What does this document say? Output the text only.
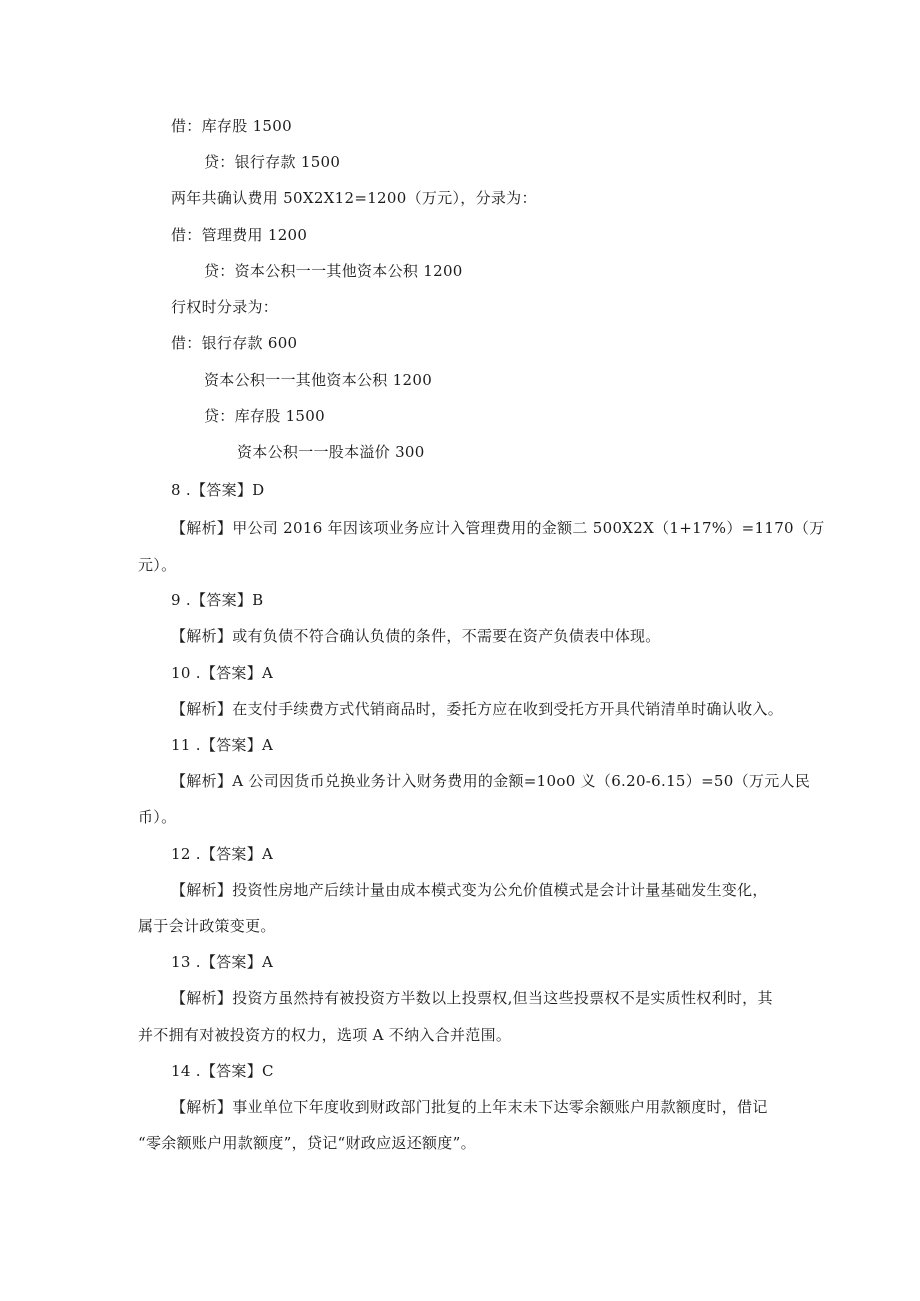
借：库存股 1500
贷：银行存款 1500
两年共确认费用 50X2X12=1200（万元），分录为：
借：管理费用 1200
贷：资本公积一一其他资本公积 1200
行权时分录为：
借：银行存款 600
资本公积一一其他资本公积 1200
贷：库存股 1500
资本公积一一股本溢价 300
8 .【答案】D
【解析】甲公司 2016 年因该项业务应计入管理费用的金额二 500X2X（1+17%）=1170（万
元）。
9 .【答案】B
【解析】或有负债不符合确认负债的条件，不需要在资产负债表中体现。
10 .【答案】A
【解析】在支付手续费方式代销商品时，委托方应在收到受托方开具代销清单时确认收入。
11 .【答案】A
【解析】A 公司因货币兑换业务计入财务费用的金额=10o0 义（6.20-6.15）=50（万元人民
币）。
12 .【答案】A
【解析】投资性房地产后续计量由成本模式变为公允价值模式是会计计量基础发生变化，
属于会计政策变更。
13 .【答案】A
【解析】投资方虽然持有被投资方半数以上投票权,但当这些投票权不是实质性权利时，其
并不拥有对被投资方的权力，选项 A 不纳入合并范围。
14 .【答案】C
【解析】事业单位下年度收到财政部门批复的上年末未下达零余额账户用款额度时，借记
“零余额账户用款额度”，贷记“财政应返还额度”。
